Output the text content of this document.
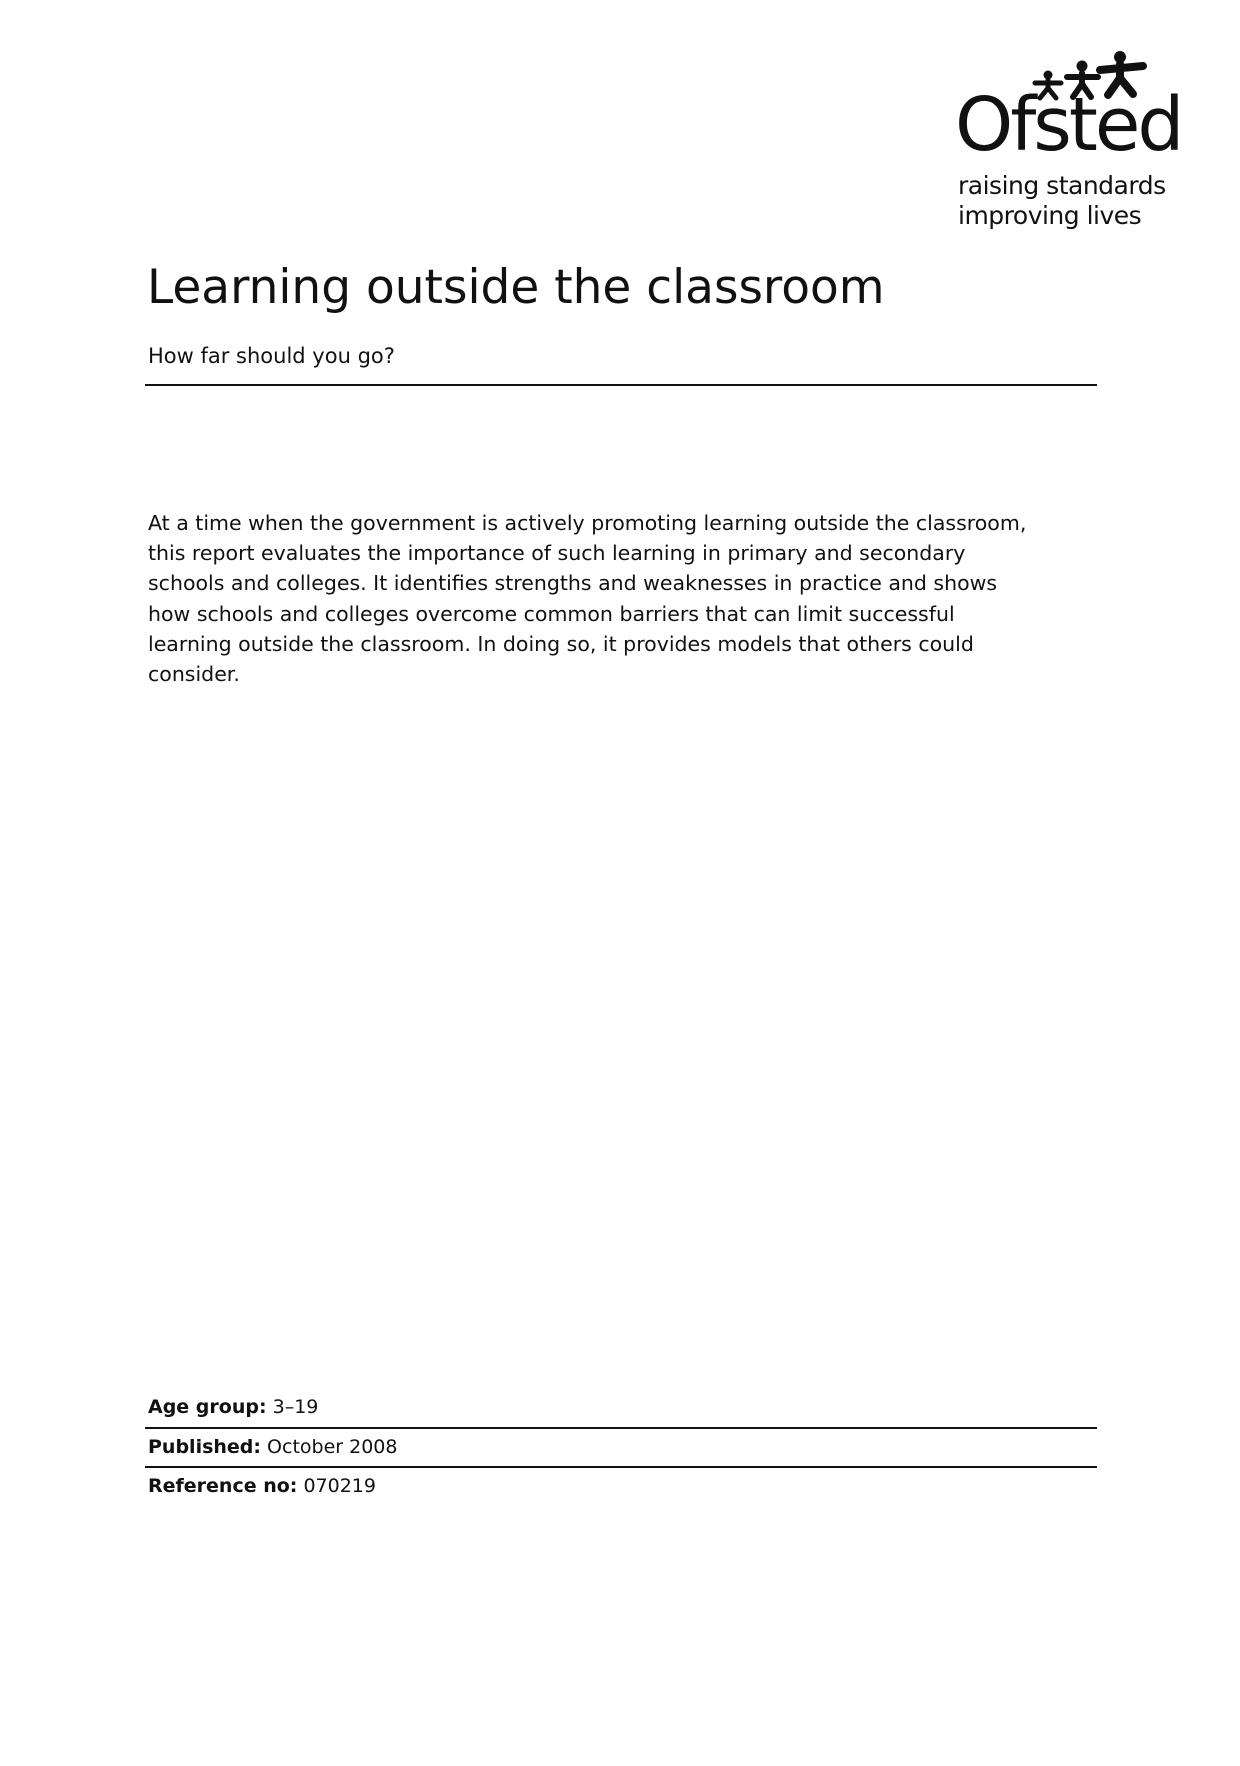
Ofsted
raising standards
improving lives
Learning outside the classroom
How far should you go?
At a time when the government is actively promoting learning outside the classroom,
this report evaluates the importance of such learning in primary and secondary
schools and colleges. It identifies strengths and weaknesses in practice and shows
how schools and colleges overcome common barriers that can limit successful
learning outside the classroom. In doing so, it provides models that others could
consider.
Age group: 3–19
Published: October 2008
Reference no: 070219
